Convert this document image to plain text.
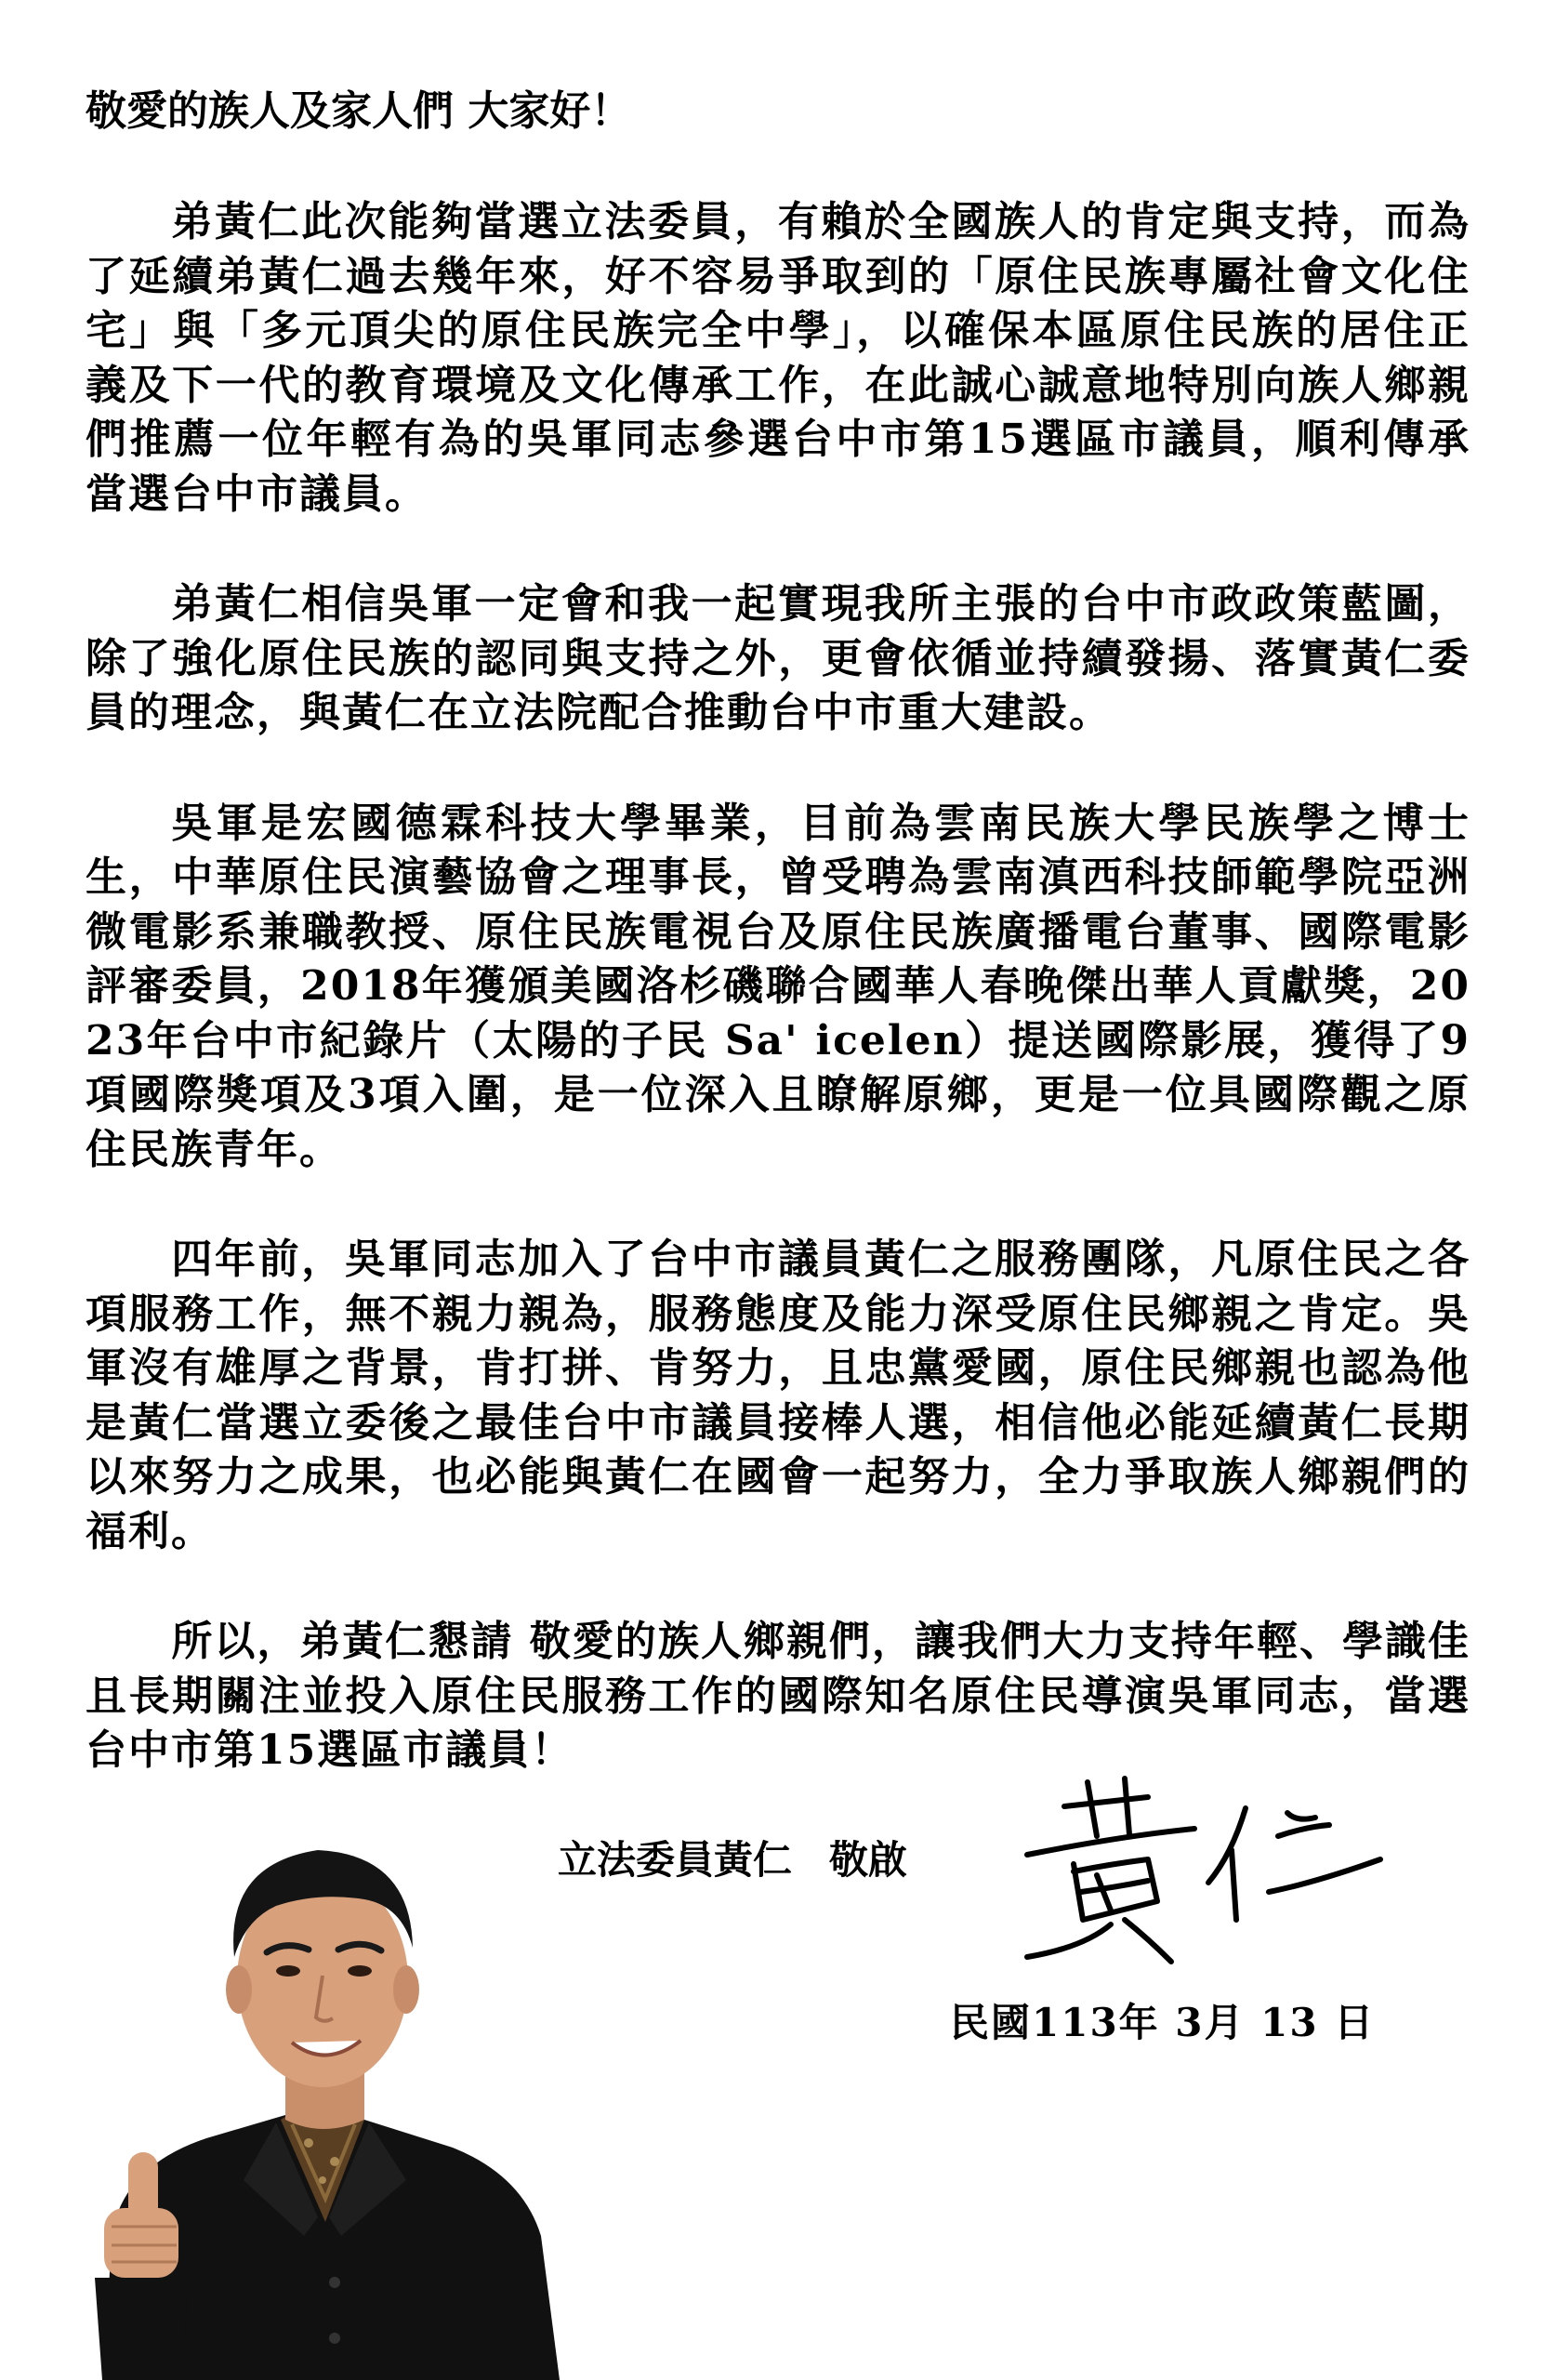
敬愛的族人及家人們 大家好！

弟黃仁此次能夠當選立法委員，有賴於全國族人的肯定與支持，而為了延續弟黃仁過去幾年來，好不容易爭取到的「原住民族專屬社會文化住宅」與「多元頂尖的原住民族完全中學」，以確保本區原住民族的居住正義及下一代的教育環境及文化傳承工作，在此誠心誠意地特別向族人鄉親們推薦一位年輕有為的吳軍同志參選台中市第15選區市議員，順利傳承當選台中市議員。

弟黃仁相信吳軍一定會和我一起實現我所主張的台中市政政策藍圖，除了強化原住民族的認同與支持之外，更會依循並持續發揚、落實黃仁委員的理念，與黃仁在立法院配合推動台中市重大建設。

吳軍是宏國德霖科技大學畢業，目前為雲南民族大學民族學之博士生，中華原住民演藝協會之理事長，曾受聘為雲南滇西科技師範學院亞洲微電影系兼職教授、原住民族電視台及原住民族廣播電台董事、國際電影評審委員，2018年獲頒美國洛杉磯聯合國華人春晚傑出華人貢獻獎，2023年台中市紀錄片（太陽的子民 Sa' icelen）提送國際影展，獲得了9項國際獎項及3項入圍，是一位深入且瞭解原鄉，更是一位具國際觀之原住民族青年。

四年前，吳軍同志加入了台中市議員黃仁之服務團隊，凡原住民之各項服務工作，無不親力親為，服務態度及能力深受原住民鄉親之肯定。吳軍沒有雄厚之背景，肯打拼、肯努力，且忠黨愛國，原住民鄉親也認為他是黃仁當選立委後之最佳台中市議員接棒人選，相信他必能延續黃仁長期以來努力之成果，也必能與黃仁在國會一起努力，全力爭取族人鄉親們的福利。

所以，弟黃仁懇請 敬愛的族人鄉親們，讓我們大力支持年輕、學識佳且長期關注並投入原住民服務工作的國際知名原住民導演吳軍同志，當選台中市第15選區市議員！

立法委員黃仁 敬啟
民國113年 3月 13 日
